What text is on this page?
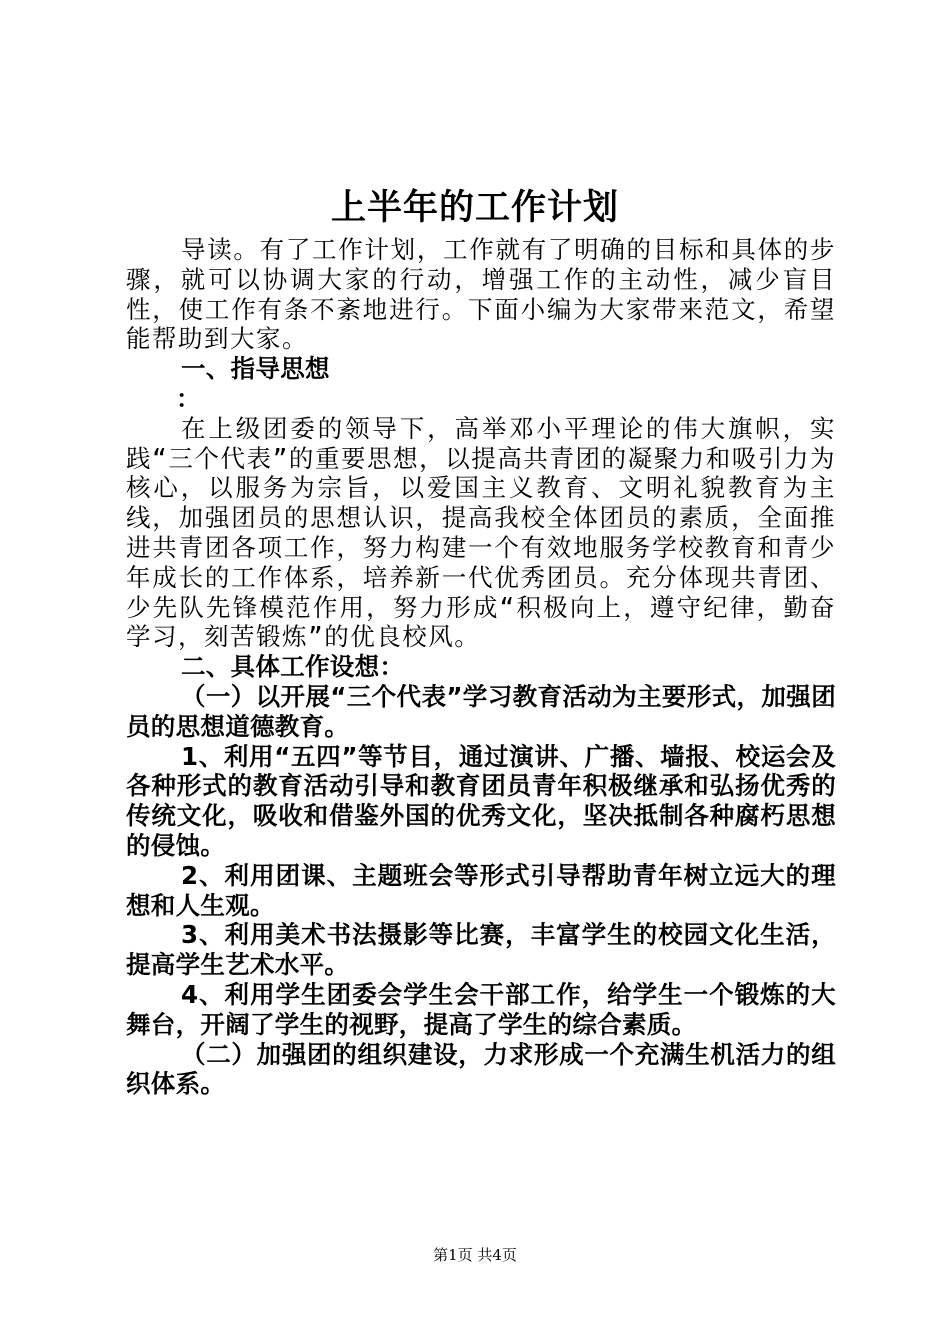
上半年的工作计划

导读。有了工作计划，工作就有了明确的目标和具体的步骤，就可以协调大家的行动，增强工作的主动性，减少盲目性，使工作有条不紊地进行。下面小编为大家带来范文，希望能帮助到大家。

一、指导思想

：

在上级团委的领导下，高举邓小平理论的伟大旗帜，实践“三个代表”的重要思想，以提高共青团的凝聚力和吸引力为核心，以服务为宗旨，以爱国主义教育、文明礼貌教育为主线，加强团员的思想认识，提高我校全体团员的素质，全面推进共青团各项工作，努力构建一个有效地服务学校教育和青少年成长的工作体系，培养新一代优秀团员。充分体现共青团、少先队先锋模范作用，努力形成“积极向上，遵守纪律，勤奋学习，刻苦锻炼”的优良校风。

二、具体工作设想：

（一）以开展“三个代表”学习教育活动为主要形式，加强团员的思想道德教育。

1、利用“五四”等节目，通过演讲、广播、墙报、校运会及各种形式的教育活动引导和教育团员青年积极继承和弘扬优秀的传统文化，吸收和借鉴外国的优秀文化，坚决抵制各种腐朽思想的侵蚀。

2、利用团课、主题班会等形式引导帮助青年树立远大的理想和人生观。

3、利用美术书法摄影等比赛，丰富学生的校园文化生活，提高学生艺术水平。

4、利用学生团委会学生会干部工作，给学生一个锻炼的大舞台，开阔了学生的视野，提高了学生的综合素质。

（二）加强团的组织建设，力求形成一个充满生机活力的组织体系。

第1页 共4页
